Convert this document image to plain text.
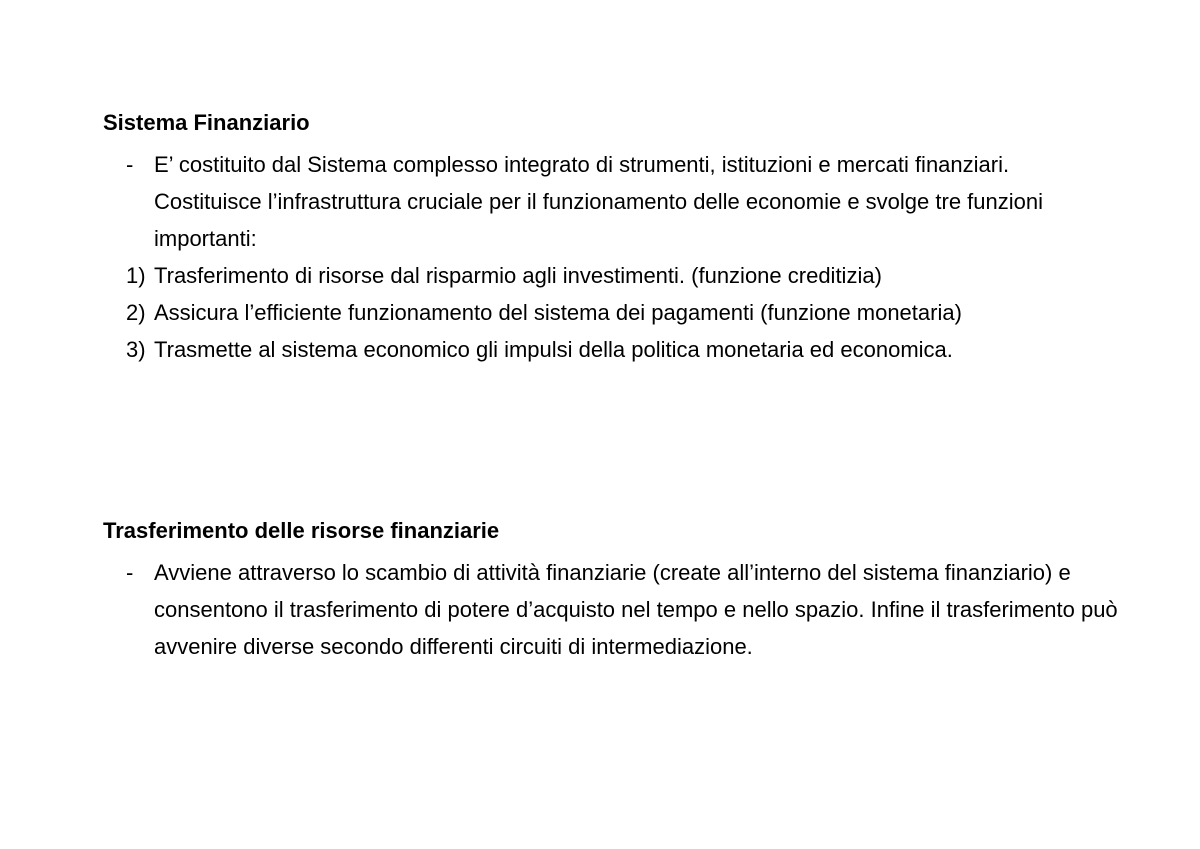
Sistema Finanziario
- E’ costituito dal Sistema complesso integrato di strumenti, istituzioni e mercati finanziari. Costituisce l’infrastruttura cruciale per il funzionamento delle economie e svolge tre funzioni importanti:
1) Trasferimento di risorse dal risparmio agli investimenti. (funzione creditizia)
2) Assicura l’efficiente funzionamento del sistema dei pagamenti (funzione monetaria)
3) Trasmette al sistema economico gli impulsi della politica monetaria ed economica.
Trasferimento delle risorse finanziarie
- Avviene attraverso lo scambio di attività finanziarie (create all’interno del sistema finanziario) e consentono il trasferimento di potere d’acquisto nel tempo e nello spazio. Infine il trasferimento può avvenire diverse secondo differenti circuiti di intermediazione.
